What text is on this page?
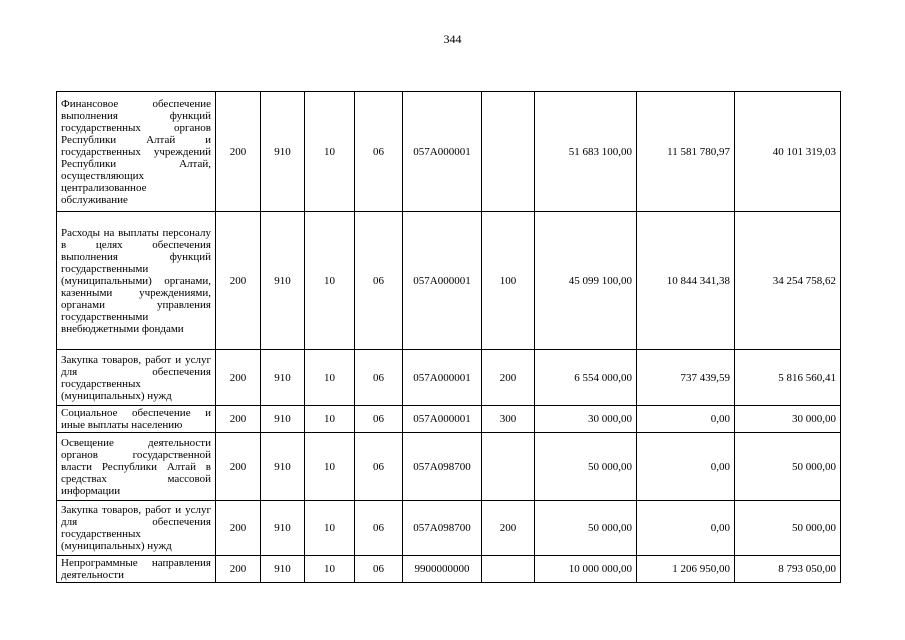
344
Финансовое обеспечение выполнения функций государственных органов Республики Алтай и государственных учреждений Республики Алтай, осуществляющих централизованное обслуживание	200	910	10	06	057A000001		51 683 100,00	11 581 780,97	40 101 319,03
Расходы на выплаты персоналу в целях обеспечения выполнения функций государственными (муниципальными) органами, казенными учреждениями, органами управления государственными внебюджетными фондами	200	910	10	06	057A000001	100	45 099 100,00	10 844 341,38	34 254 758,62
Закупка товаров, работ и услуг для обеспечения государственных (муниципальных) нужд	200	910	10	06	057A000001	200	6 554 000,00	737 439,59	5 816 560,41
Социальное обеспечение и иные выплаты населению	200	910	10	06	057A000001	300	30 000,00	0,00	30 000,00
Освещение деятельности органов государственной власти Республики Алтай в средствах массовой информации	200	910	10	06	057A098700		50 000,00	0,00	50 000,00
Закупка товаров, работ и услуг для обеспечения государственных (муниципальных) нужд	200	910	10	06	057A098700	200	50 000,00	0,00	50 000,00
Непрограммные направления деятельности	200	910	10	06	9900000000		10 000 000,00	1 206 950,00	8 793 050,00
